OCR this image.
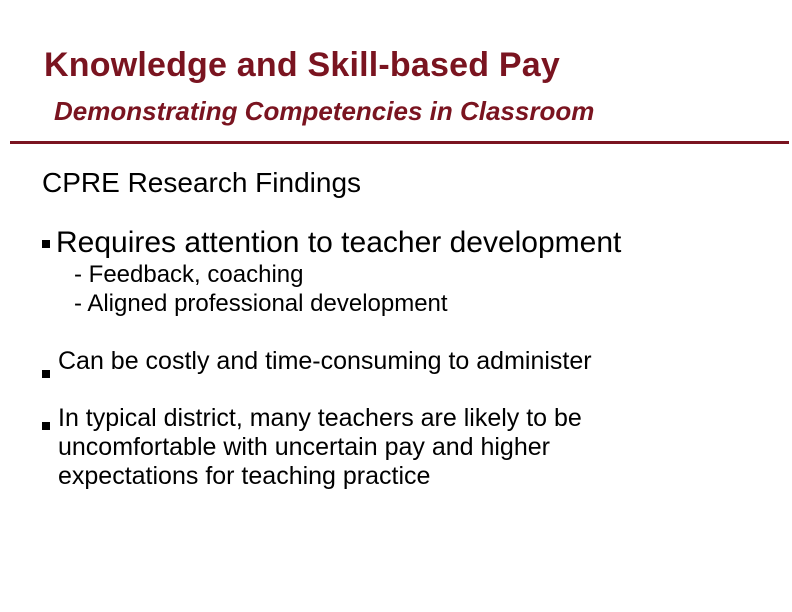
Knowledge and Skill-based Pay
Demonstrating Competencies in Classroom
CPRE Research Findings
Requires attention to teacher development
- Feedback, coaching
- Aligned professional development
Can be costly and time-consuming to administer
In typical district, many teachers are likely to be
uncomfortable with uncertain pay and higher
expectations for teaching practice
